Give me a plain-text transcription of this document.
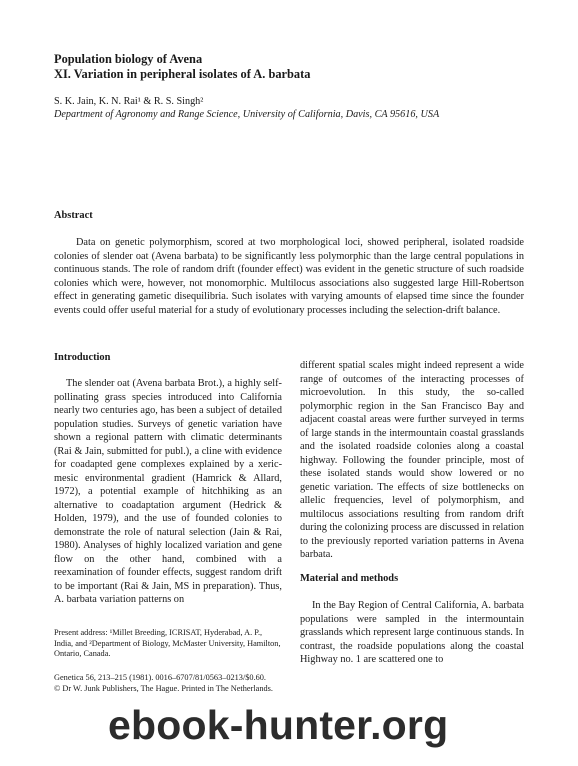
Population biology of Avena
XI. Variation in peripheral isolates of A. barbata
S. K. Jain, K. N. Rai¹ & R. S. Singh²
Department of Agronomy and Range Science, University of California, Davis, CA 95616, USA
Abstract

Data on genetic polymorphism, scored at two morphological loci, showed peripheral, isolated roadside colonies of slender oat (Avena barbata) to be significantly less polymorphic than the large central populations in continuous stands. The role of random drift (founder effect) was evident in the genetic structure of such roadside colonies which were, however, not monomorphic. Multilocus associations also suggested large Hill-Robertson effect in generating gametic disequilibria. Such isolates with varying amounts of elapsed time since the founder events could offer useful material for a study of evolutionary processes including the selection-drift balance.

Introduction

The slender oat (Avena barbata Brot.), a highly self-pollinating grass species introduced into California nearly two centuries ago, has been a subject of detailed population studies. Surveys of genetic variation have shown a regional pattern with climatic determinants (Rai & Jain, submitted for publ.), a cline with evidence for coadapted gene complexes explained by a xeric-mesic environmental gradient (Hamrick & Allard, 1972), a potential example of hitchhiking as an alternative to coadaptation argument (Hedrick & Holden, 1979), and the use of founded colonies to demonstrate the role of natural selection (Jain & Rai, 1980). Analyses of highly localized variation and gene flow on the other hand, combined with a reexamination of founder effects, suggest random drift to be important (Rai & Jain, MS in preparation). Thus, A. barbata variation patterns on

different spatial scales might indeed represent a wide range of outcomes of the interacting processes of microevolution. In this study, the so-called polymorphic region in the San Francisco Bay and adjacent coastal areas were further surveyed in terms of large stands in the intermountain coastal grasslands and the isolated roadside colonies along a coastal highway. Following the founder principle, most of these isolated stands would show lowered or no genetic variation. The effects of size bottlenecks on allelic frequencies, level of polymorphism, and multilocus associations resulting from random drift during the colonizing process are discussed in relation to the previously reported variation patterns in Avena barbata.

Material and methods

In the Bay Region of Central California, A. barbata populations were sampled in the intermountain grasslands which represent large continuous stands. In contrast, the roadside populations along the coastal Highway no. 1 are scattered one to

Present address: ¹Millet Breeding, ICRISAT, Hyderabad, A. P., India, and ²Department of Biology, McMaster University, Hamilton, Ontario, Canada.

Genetica 56, 213–215 (1981). 0016–6707/81/0563–0213/$0.60.
© Dr W. Junk Publishers, The Hague. Printed in The Netherlands.
ebook-hunter.org
